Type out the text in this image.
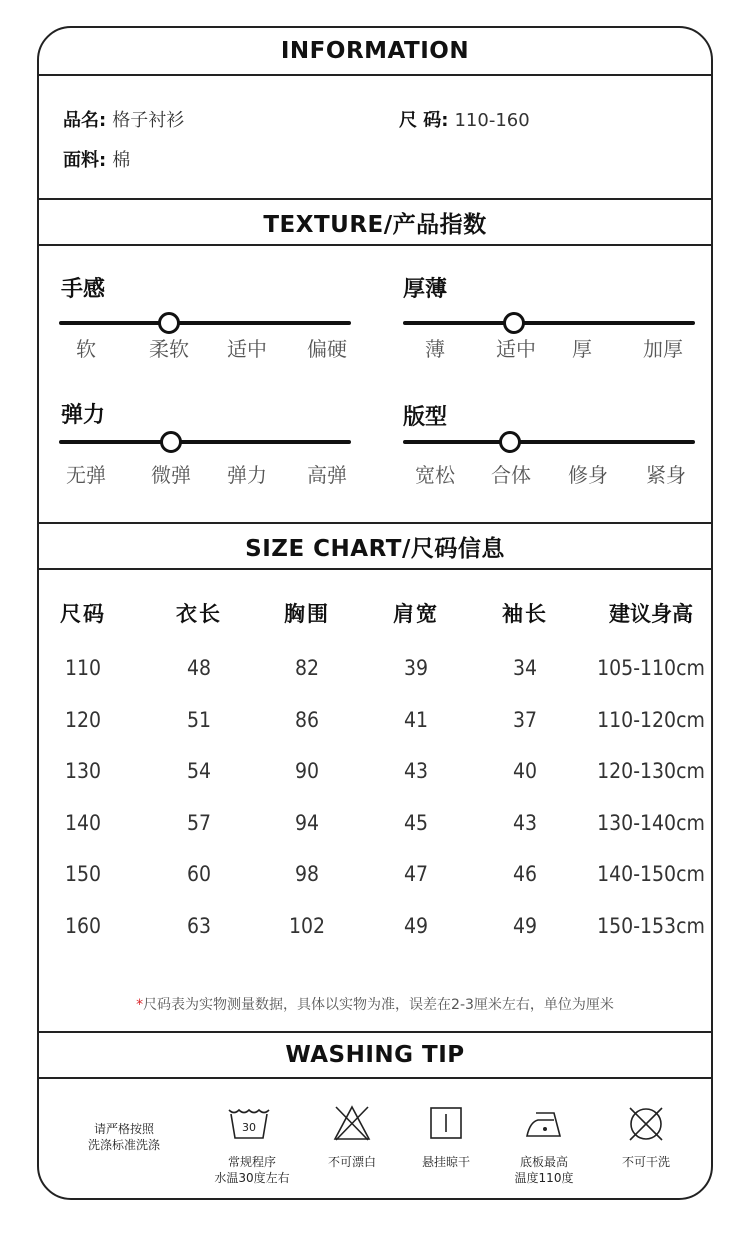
INFORMATION
品名: 格子衬衫	尺 码: 110-160
面料: 棉
TEXTURE/产品指数
手感
软	柔软 适中 偏硬
厚薄
薄	适中 厚	加厚
弹力
无弹 微弹 弹力 高弹
版型
宽松 合体 修身 紧身
SIZE CHART/尺码信息
尺码	衣长	胸围	肩宽	袖长	建议身高
110	48	82	39	34	105-110cm
120	51	86	41	37	110-120cm
130	54	90	43	40	120-130cm
140	57	94	45	43	130-140cm
150	60	98	47	46	140-150cm
160	63	102	49	49	150-153cm
*尺码表为实物测量数据，具体以实物为准，误差在2-3厘米左右，单位为厘米
WASHING TIP
请严格按照
洗涤标准洗涤
30
常规程序
水温30度左右
不可漂白	悬挂晾干	底板最高
温度110度
不可干洗
